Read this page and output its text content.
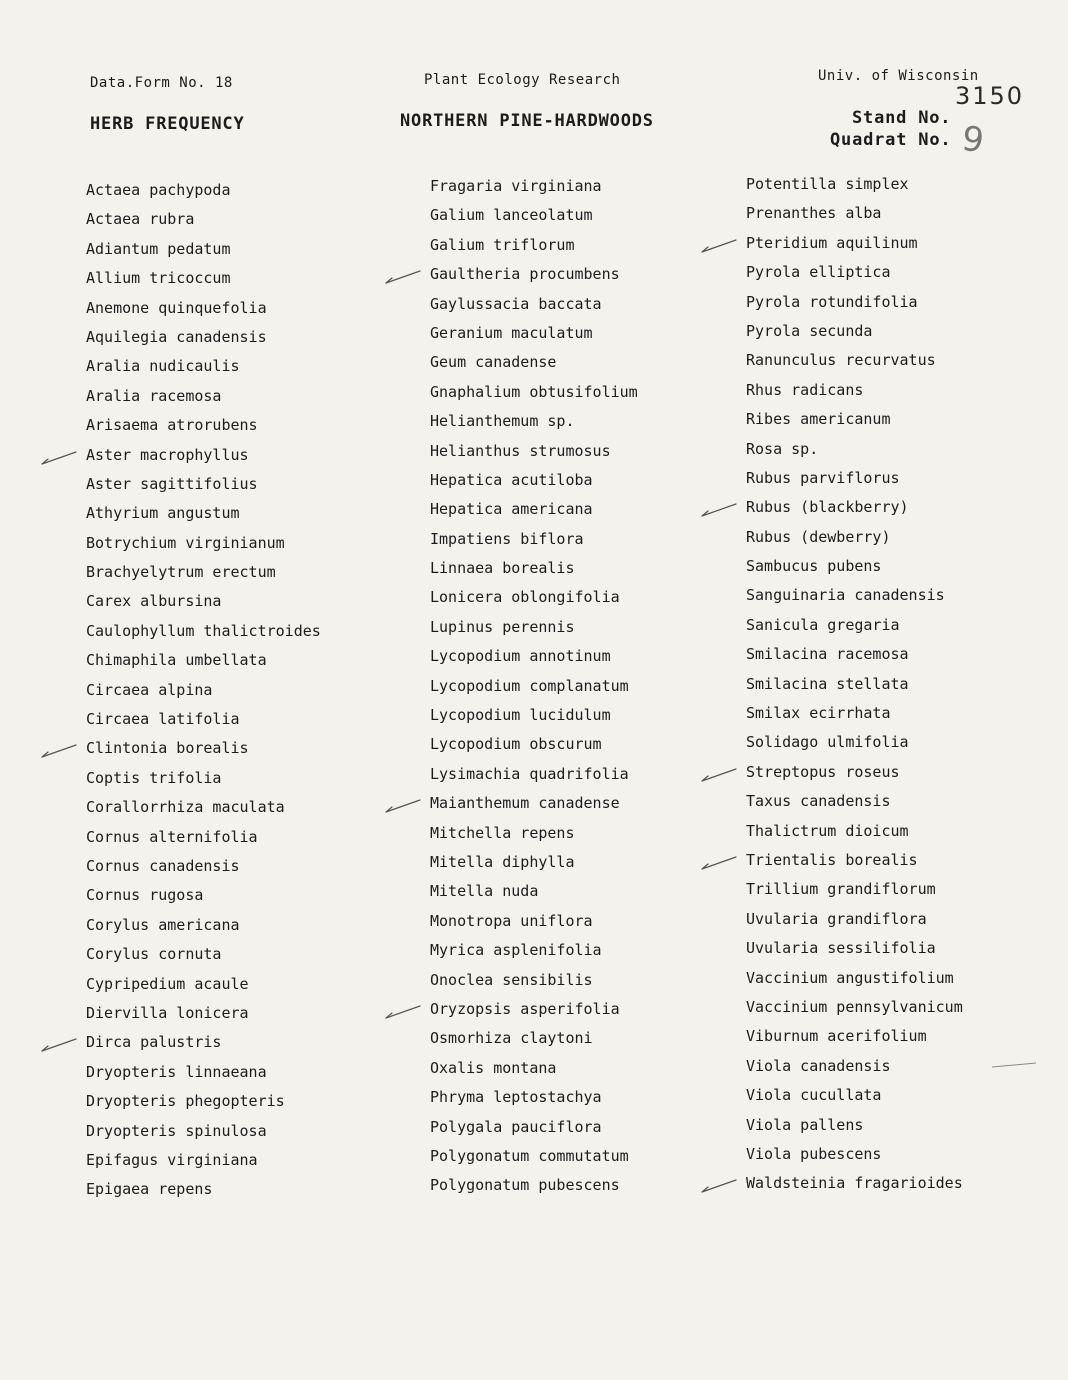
Data.Form No. 18	Plant Ecology Research	Univ. of Wisconsin
HERB FREQUENCY	NORTHERN PINE-HARDWOODS	Stand No.
Quadrat No.
3150
9
Actaea pachypoda
Actaea rubra
Adiantum pedatum
Allium tricoccum
Anemone quinquefolia
Aquilegia canadensis
Aralia nudicaulis
Aralia racemosa
Arisaema atrorubens
Aster macrophyllus
Aster sagittifolius
Athyrium angustum
Botrychium virginianum
Brachyelytrum erectum
Carex albursina
Caulophyllum thalictroides
Chimaphila umbellata
Circaea alpina
Circaea latifolia
Clintonia borealis
Coptis trifolia
Corallorrhiza maculata
Cornus alternifolia
Cornus canadensis
Cornus rugosa
Corylus americana
Corylus cornuta
Cypripedium acaule
Diervilla lonicera
Dirca palustris
Dryopteris linnaeana
Dryopteris phegopteris
Dryopteris spinulosa
Epifagus virginiana
Epigaea repens
Fragaria virginiana
Galium lanceolatum
Galium triflorum
Gaultheria procumbens
Gaylussacia baccata
Geranium maculatum
Geum canadense
Gnaphalium obtusifolium
Helianthemum sp.
Helianthus strumosus
Hepatica acutiloba
Hepatica americana
Impatiens biflora
Linnaea borealis
Lonicera oblongifolia
Lupinus perennis
Lycopodium annotinum
Lycopodium complanatum
Lycopodium lucidulum
Lycopodium obscurum
Lysimachia quadrifolia
Maianthemum canadense
Mitchella repens
Mitella diphylla
Mitella nuda
Monotropa uniflora
Myrica asplenifolia
Onoclea sensibilis
Oryzopsis asperifolia
Osmorhiza claytoni
Oxalis montana
Phryma leptostachya
Polygala pauciflora
Polygonatum commutatum
Polygonatum pubescens
Potentilla simplex
Prenanthes alba
Pteridium aquilinum
Pyrola elliptica
Pyrola rotundifolia
Pyrola secunda
Ranunculus recurvatus
Rhus radicans
Ribes americanum
Rosa sp.
Rubus parviflorus
Rubus (blackberry)
Rubus (dewberry)
Sambucus pubens
Sanguinaria canadensis
Sanicula gregaria
Smilacina racemosa
Smilacina stellata
Smilax ecirrhata
Solidago ulmifolia
Streptopus roseus
Taxus canadensis
Thalictrum dioicum
Trientalis borealis
Trillium grandiflorum
Uvularia grandiflora
Uvularia sessilifolia
Vaccinium angustifolium
Vaccinium pennsylvanicum
Viburnum acerifolium
Viola canadensis
Viola cucullata
Viola pallens
Viola pubescens
Waldsteinia fragarioides
